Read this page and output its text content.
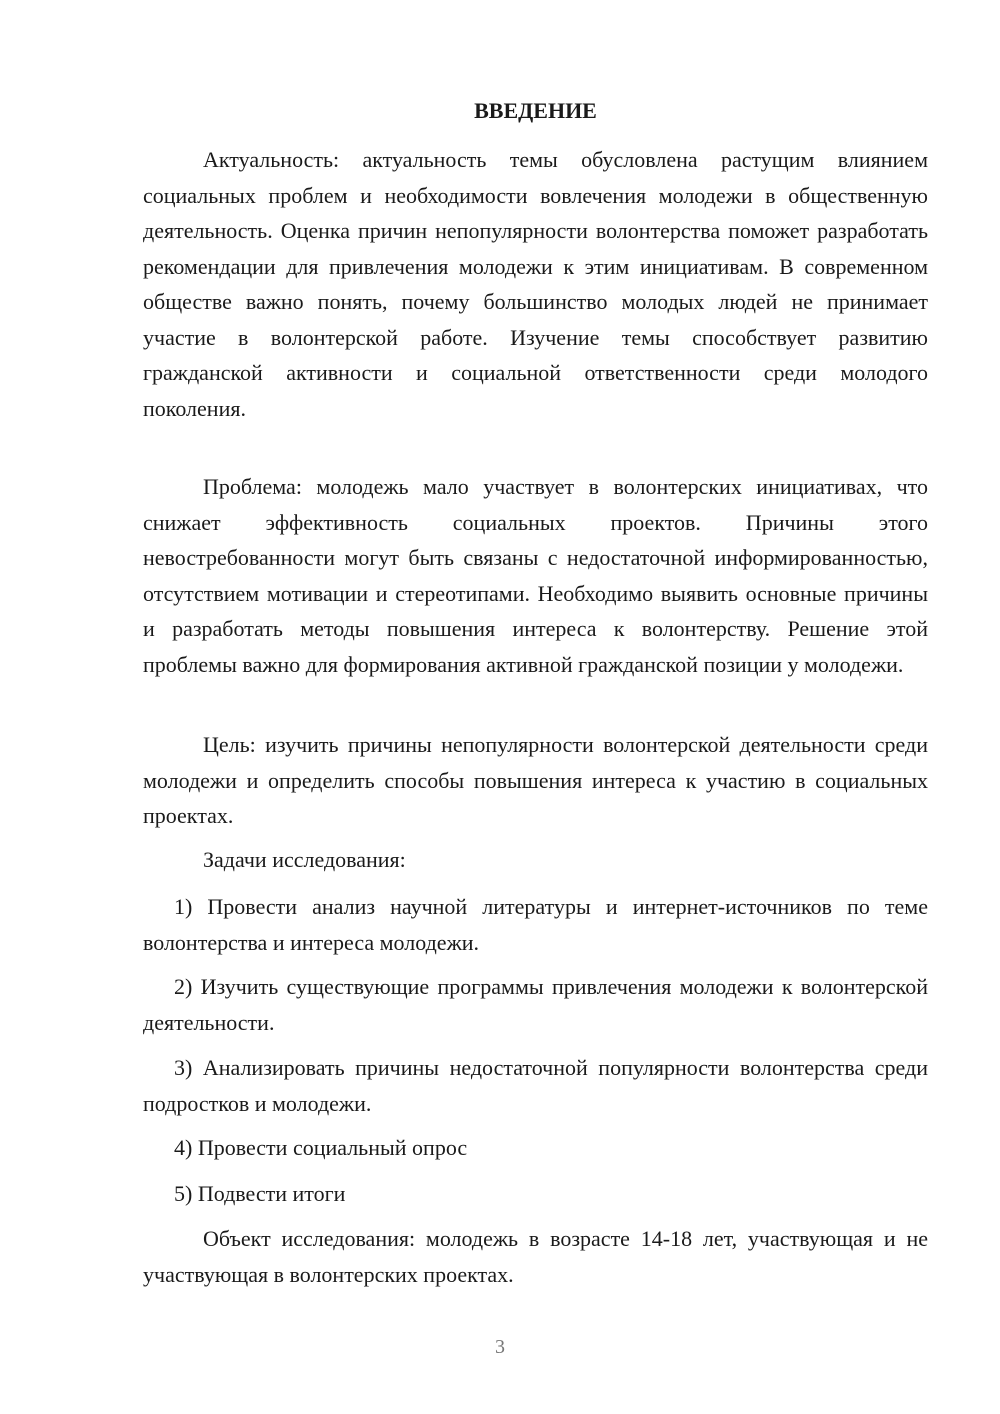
ВВЕДЕНИЕ

Актуальность: актуальность темы обусловлена растущим влиянием социальных проблем и необходимости вовлечения молодежи в общественную деятельность. Оценка причин непопулярности волонтерства поможет разработать рекомендации для привлечения молодежи к этим инициативам. В современном обществе важно понять, почему большинство молодых людей не принимает участие в волонтерской работе. Изучение темы способствует развитию гражданской активности и социальной ответственности среди молодого поколения.

Проблема: молодежь мало участвует в волонтерских инициативах, что снижает эффективность социальных проектов. Причины этого невостребованности могут быть связаны с недостаточной информированностью, отсутствием мотивации и стереотипами. Необходимо выявить основные причины и разработать методы повышения интереса к волонтерству. Решение этой проблемы важно для формирования активной гражданской позиции у молодежи.

Цель: изучить причины непопулярности волонтерской деятельности среди молодежи и определить способы повышения интереса к участию в социальных проектах.

Задачи исследования:

1) Провести анализ научной литературы и интернет-источников по теме волонтерства и интереса молодежи.

2) Изучить существующие программы привлечения молодежи к волонтерской деятельности.

3) Анализировать причины недостаточной популярности волонтерства среди подростков и молодежи.

4) Провести социальный опрос

5) Подвести итоги

Объект исследования: молодежь в возрасте 14-18 лет, участвующая и не участвующая в волонтерских проектах.

3
